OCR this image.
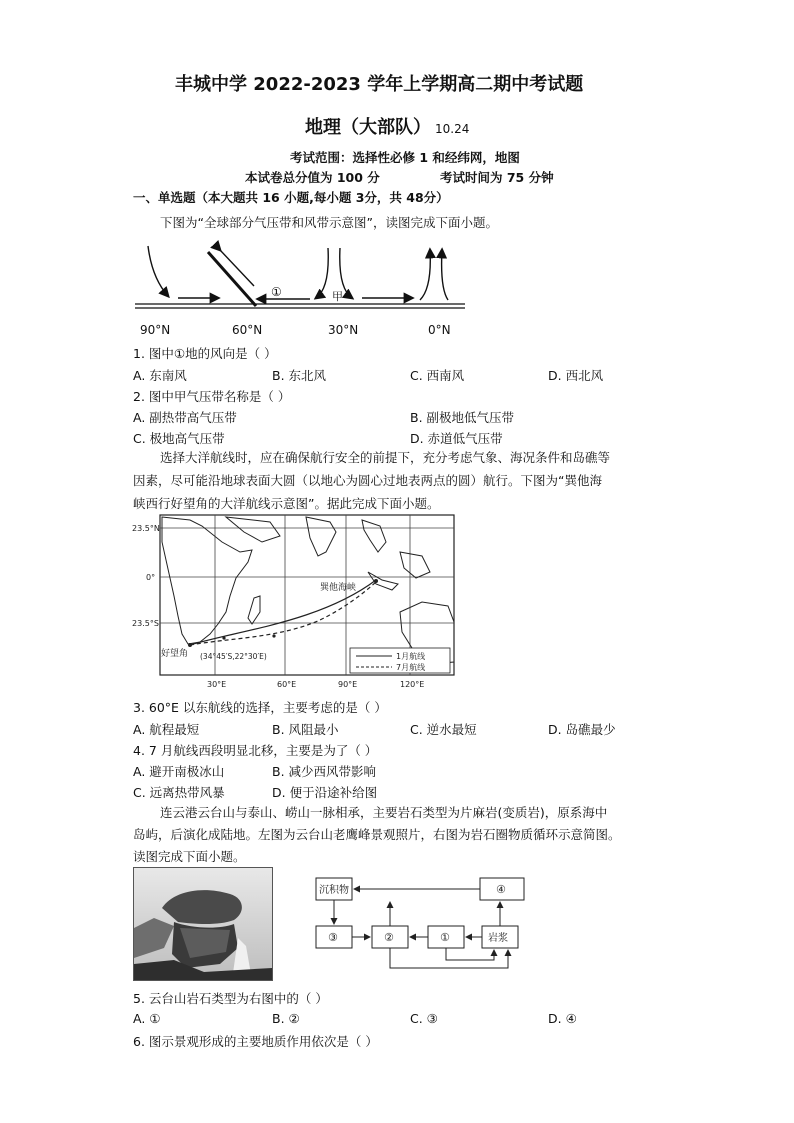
丰城中学 2022-2023 学年上学期高二期中考试题
地理（大部队） 10.24
考试范围：选择性必修 1 和经纬网，地图
本试卷总分值为 100 分	考试时间为 75 分钟
一、单选题（本大题共 16 小题,每小题 3分，共 48分）
下图为“全球部分气压带和风带示意图”，读图完成下面小题。
①	甲
90°N	60°N	30°N	0°N
1. 图中①地的风向是（ ）
A. 东南风	B. 东北风	C. 西南风	D. 西北风
2. 图中甲气压带名称是（ ）
A. 副热带高气压带	B. 副极地低气压带
C. 极地高气压带	D. 赤道低气压带
选择大洋航线时，应在确保航行安全的前提下，充分考虑气象、海况条件和岛礁等
因素，尽可能沿地球表面大圆（以地心为圆心过地表两点的圆）航行。下图为“巽他海
峡西行好望角的大洋航线示意图”。据此完成下面小题。
巽他海峡
好望角 (34°45′S,22°30′E)	1月航线
7月航线
23.5°N
0°
23.5°S
30°E	60°E	90°E	120°E
3. 60°E 以东航线的选择，主要考虑的是（ ）
A. 航程最短	B. 风阻最小	C. 逆水最短	D. 岛礁最少
4. 7 月航线西段明显北移，主要是为了（ ）
A. 避开南极冰山	B. 减少西风带影响
C. 远离热带风暴	D. 便于沿途补给图
连云港云台山与泰山、崂山一脉相承，主要岩石类型为片麻岩(变质岩)，原系海中
岛屿，后演化成陆地。左图为云台山老鹰峰景观照片，右图为岩石圈物质循环示意简图。
读图完成下面小题。
沉积物	④
③	②	①	岩浆
5. 云台山岩石类型为右图中的（ ）
A. ①	B. ②	C. ③	D. ④
6. 图示景观形成的主要地质作用依次是（ ）
